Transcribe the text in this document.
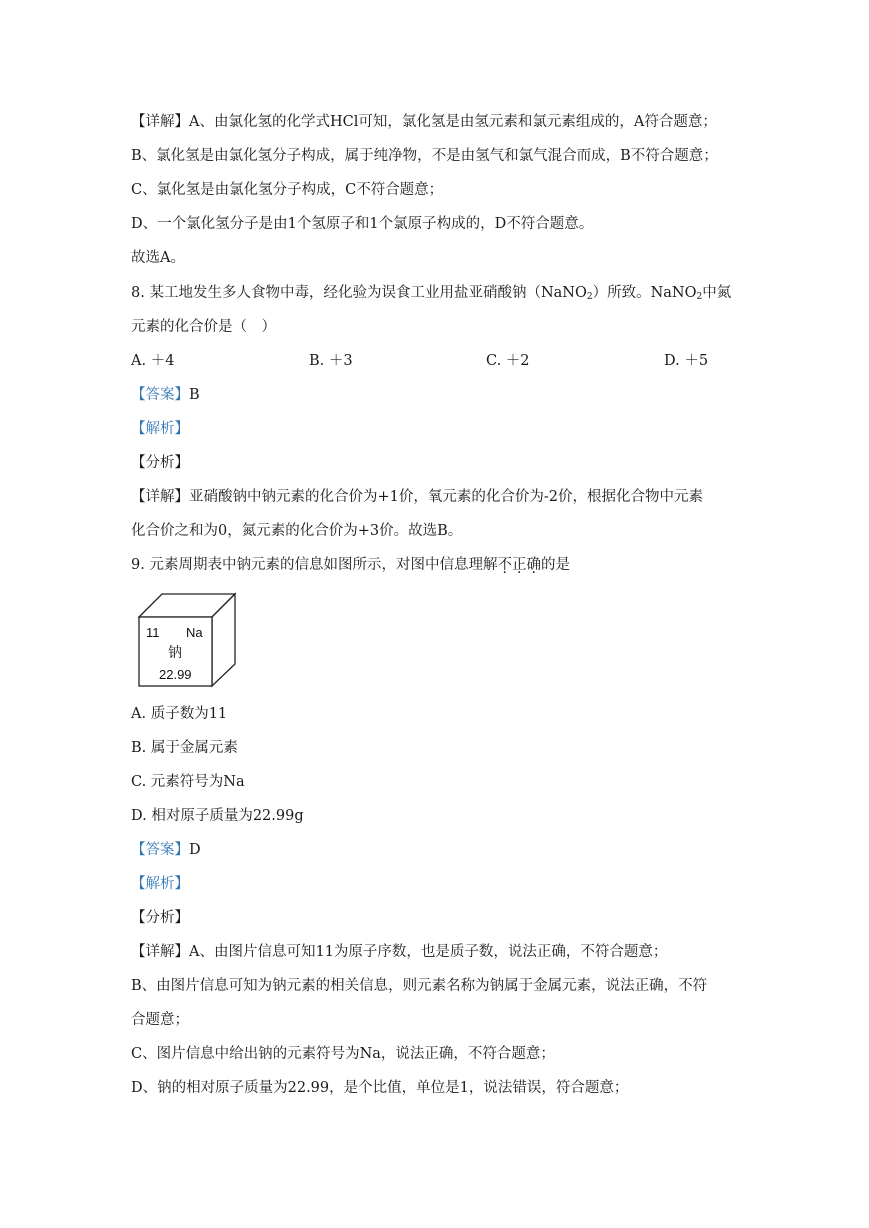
【详解】A、由氯化氢的化学式HCl可知，氯化氢是由氢元素和氯元素组成的，A符合题意；
B、氯化氢是由氯化氢分子构成，属于纯净物，不是由氢气和氯气混合而成，B不符合题意；
C、氯化氢是由氯化氢分子构成，C不符合题意；
D、一个氯化氢分子是由1个氢原子和1个氯原子构成的，D不符合题意。
故选A。
8. 某工地发生多人食物中毒，经化验为误食工业用盐亚硝酸钠（NaNO$_2$）所致。NaNO$_2$中氮
元素的化合价是（　）
A. ＋4	B. ＋3	C. ＋2	D. ＋5
【答案】B
【解析】
【分析】
【详解】亚硝酸钠中钠元素的化合价为+1价，氧元素的化合价为-2价，根据化合物中元素
化合价之和为0，氮元素的化合价为+3价。故选B。
9. 元素周期表中钠元素的信息如图所示，对图中信息理解不正确的是
11 Na
钠
22.99
A. 质子数为11
B. 属于金属元素
C. 元素符号为Na
D. 相对原子质量为22.99g
【答案】D
【解析】
【分析】
【详解】A、由图片信息可知11为原子序数，也是质子数，说法正确，不符合题意；
B、由图片信息可知为钠元素的相关信息，则元素名称为钠属于金属元素，说法正确，不符
合题意；
C、图片信息中给出钠的元素符号为Na，说法正确，不符合题意；
D、钠的相对原子质量为22.99，是个比值，单位是1，说法错误，符合题意；
